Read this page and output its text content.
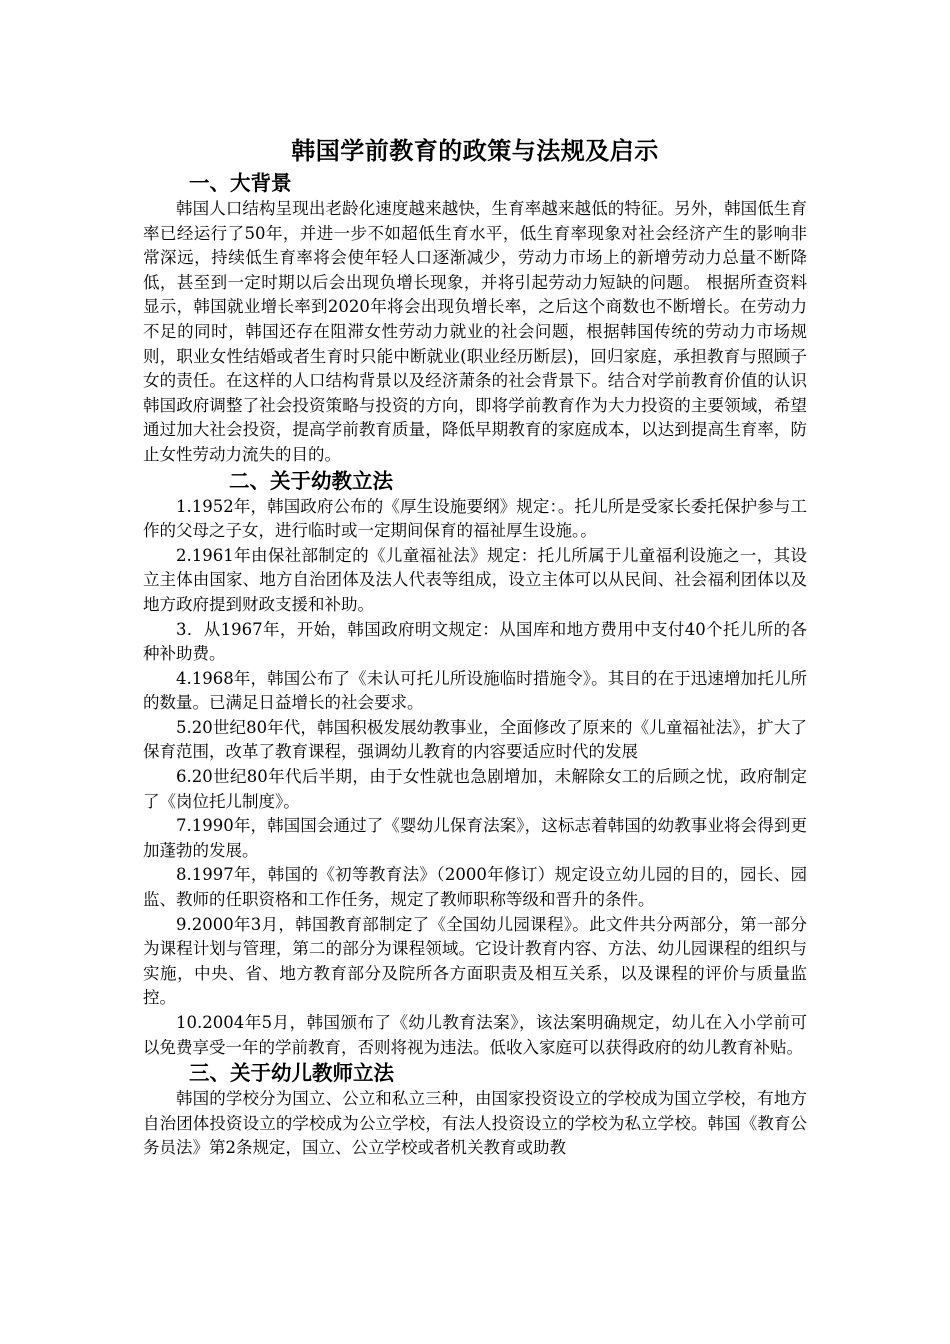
韩国学前教育的政策与法规及启示
一、大背景

韩国人口结构呈现出老龄化速度越来越快，生育率越来越低的特征。另外，韩国低生育率已经运行了50年，并进一步不如超低生育水平，低生育率现象对社会经济产生的影响非常深远，持续低生育率将会使年轻人口逐渐减少，劳动力市场上的新增劳动力总量不断降低，甚至到一定时期以后会出现负增长现象，并将引起劳动力短缺的问题。 根据所查资料显示，韩国就业增长率到2020年将会出现负增长率，之后这个商数也不断增长。在劳动力不足的同时，韩国还存在阻滞女性劳动力就业的社会问题，根据韩国传统的劳动力市场规则，职业女性结婚或者生育时只能中断就业(职业经历断层)，回归家庭，承担教育与照顾子女的责任。在这样的人口结构背景以及经济萧条的社会背景下。结合对学前教育价值的认识韩国政府调整了社会投资策略与投资的方向，即将学前教育作为大力投资的主要领域，希望通过加大社会投资，提高学前教育质量，降低早期教育的家庭成本，以达到提高生育率，防止女性劳动力流失的目的。

二、关于幼教立法

1.1952年，韩国政府公布的《厚生设施要纲》规定：。托儿所是受家长委托保护参与工作的父母之子女，进行临时或一定期间保育的福祉厚生设施。。

2.1961年由保社部制定的《儿童福祉法》规定：托儿所属于儿童福利设施之一，其设立主体由国家、地方自治团体及法人代表等组成，设立主体可以从民间、社会福利团体以及地方政府提到财政支援和补助。

3．从1967年，开始，韩国政府明文规定：从国库和地方费用中支付40个托儿所的各种补助费。

4.1968年，韩国公布了《未认可托儿所设施临时措施令》。其目的在于迅速增加托儿所的数量。已满足日益增长的社会要求。

5.20世纪80年代，韩国积极发展幼教事业，全面修改了原来的《儿童福祉法》，扩大了保育范围，改革了教育课程，强调幼儿教育的内容要适应时代的发展

6.20世纪80年代后半期，由于女性就也急剧增加，未解除女工的后顾之忧，政府制定了《岗位托儿制度》。

7.1990年，韩国国会通过了《婴幼儿保育法案》，这标志着韩国的幼教事业将会得到更加蓬勃的发展。

8.1997年，韩国的《初等教育法》（2000年修订）规定设立幼儿园的目的，园长、园监、教师的任职资格和工作任务，规定了教师职称等级和晋升的条件。

9.2000年3月，韩国教育部制定了《全国幼儿园课程》。此文件共分两部分，第一部分为课程计划与管理，第二的部分为课程领域。它设计教育内容、方法、幼儿园课程的组织与实施，中央、省、地方教育部分及院所各方面职责及相互关系，以及课程的评价与质量监控。

10.2004年5月，韩国颁布了《幼儿教育法案》，该法案明确规定，幼儿在入小学前可以免费享受一年的学前教育，否则将视为违法。低收入家庭可以获得政府的幼儿教育补贴。

三、关于幼儿教师立法

韩国的学校分为国立、公立和私立三种，由国家投资设立的学校成为国立学校，有地方自治团体投资设立的学校成为公立学校，有法人投资设立的学校为私立学校。韩国《教育公务员法》第2条规定，国立、公立学校或者机关教育或助教
